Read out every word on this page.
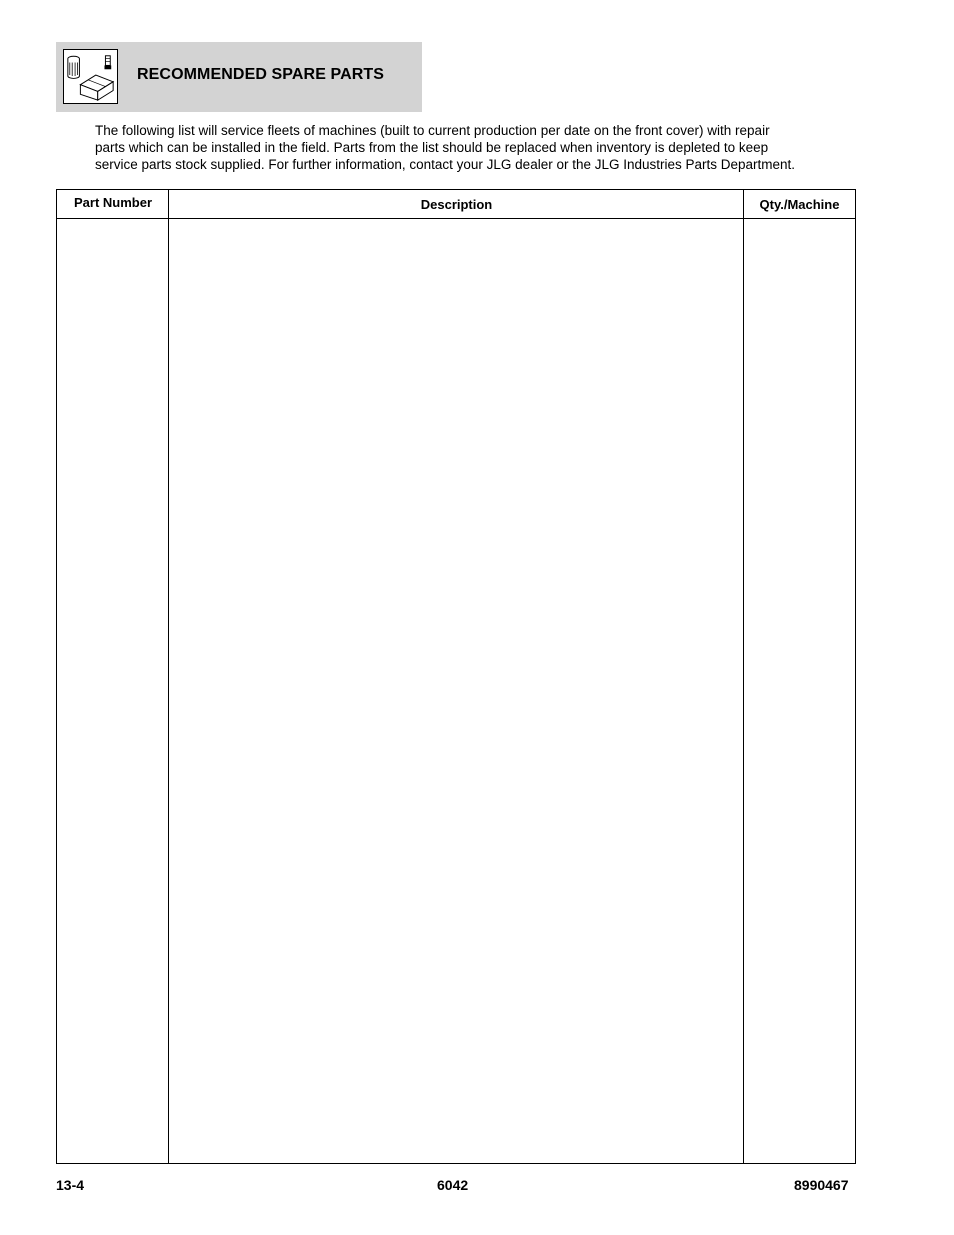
RECOMMENDED SPARE PARTS
The following list will service fleets of machines (built to current production per date on the front cover) with repair
parts which can be installed in the field. Parts from the list should be replaced when inventory is depleted to keep
service parts stock supplied. For further information, contact your JLG dealer or the JLG Industries Parts Department.
Part Number	Description	Qty./Machine
13-4	6042	8990467
